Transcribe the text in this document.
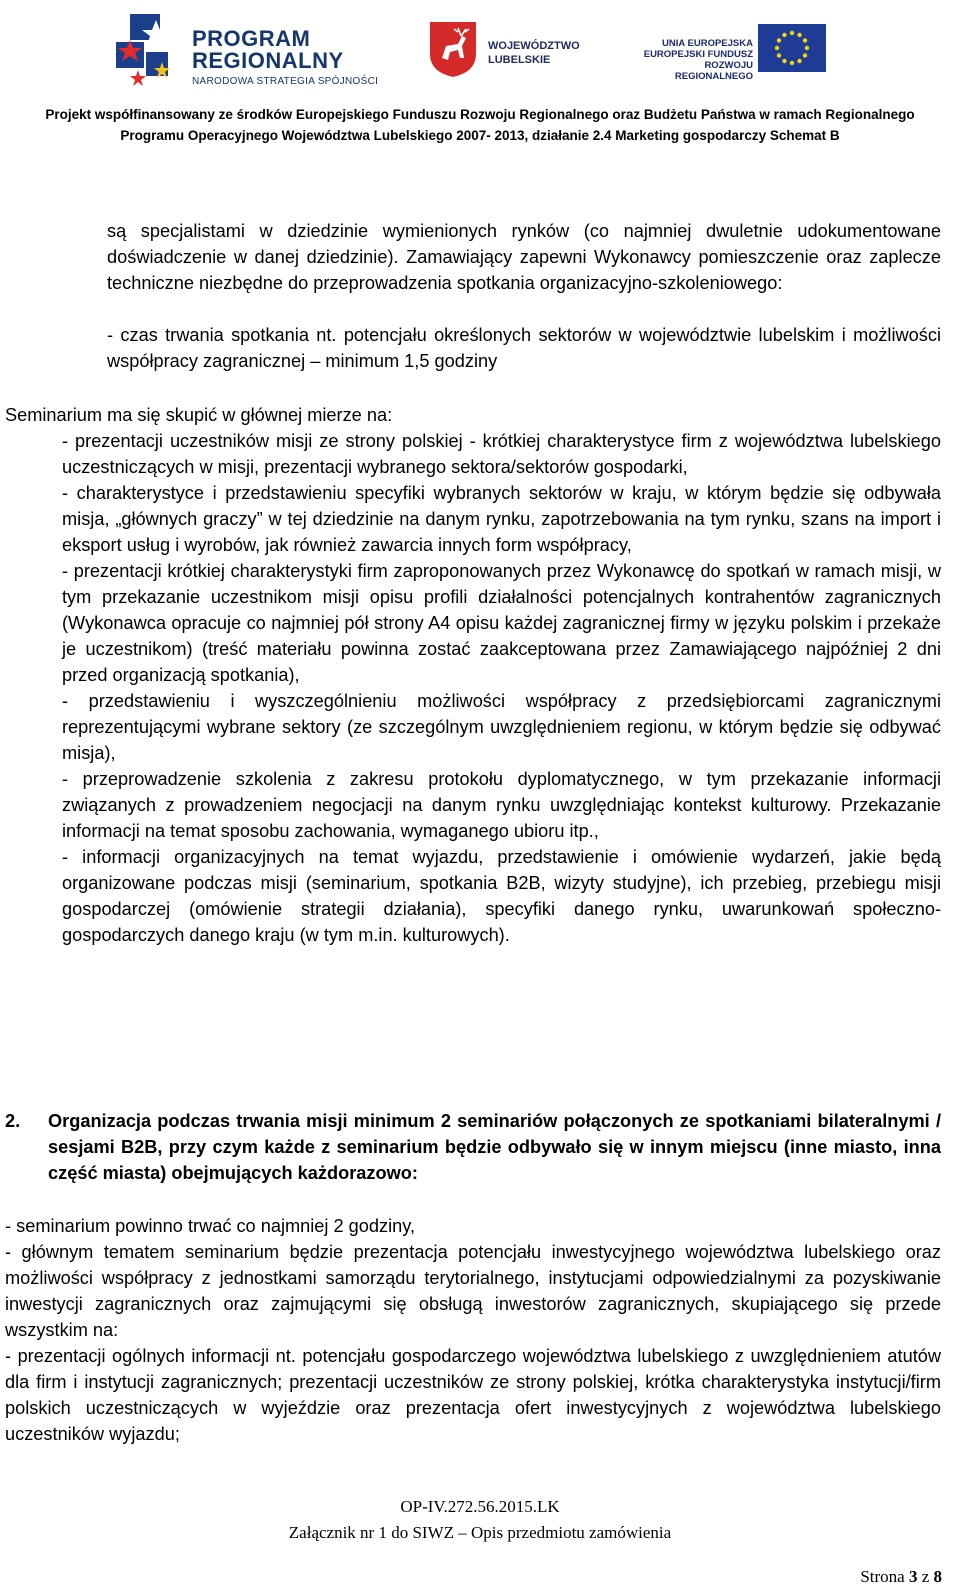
PROGRAM
REGIONALNY
NARODOWA STRATEGIA SPÓJNOŚCI
WOJEWÓDZTWO
LUBELSKIE
UNIA EUROPEJSKA
EUROPEJSKI FUNDUSZ
ROZWOJU REGIONALNEGO
Projekt współfinansowany ze środków Europejskiego Funduszu Rozwoju Regionalnego oraz Budżetu Państwa w ramach Regionalnego
Programu Operacyjnego Województwa Lubelskiego 2007- 2013, działanie 2.4 Marketing gospodarczy Schemat B
są specjalistami w dziedzinie wymienionych rynków (co najmniej dwuletnie udokumentowane doświadczenie w danej dziedzinie). Zamawiający zapewni Wykonawcy pomieszczenie oraz zaplecze techniczne niezbędne do przeprowadzenia spotkania organizacyjno-szkoleniowego:
- czas trwania spotkania nt. potencjału określonych sektorów w województwie lubelskim i możliwości współpracy zagranicznej – minimum 1,5 godziny
Seminarium ma się skupić w głównej mierze na:

- prezentacji uczestników misji ze strony polskiej - krótkiej charakterystyce firm z województwa lubelskiego uczestniczących w misji, prezentacji wybranego sektora/sektorów gospodarki,

- charakterystyce i przedstawieniu specyfiki wybranych sektorów w kraju, w którym będzie się odbywała misja, „głównych graczy” w tej dziedzinie na danym rynku, zapotrzebowania na tym rynku, szans na import i eksport usług i wyrobów, jak również zawarcia innych form współpracy,

- prezentacji krótkiej charakterystyki firm zaproponowanych przez Wykonawcę do spotkań w ramach misji, w tym przekazanie uczestnikom misji opisu profili działalności potencjalnych kontrahentów zagranicznych (Wykonawca opracuje co najmniej pół strony A4 opisu każdej zagranicznej firmy w języku polskim i przekaże je uczestnikom) (treść materiału powinna zostać zaakceptowana przez Zamawiającego najpóźniej 2 dni przed organizacją spotkania),

- przedstawieniu i wyszczególnieniu możliwości współpracy z przedsiębiorcami zagranicznymi reprezentującymi wybrane sektory (ze szczególnym uwzględnieniem regionu, w którym będzie się odbywać misja),

- przeprowadzenie szkolenia z zakresu protokołu dyplomatycznego, w tym przekazanie informacji związanych z prowadzeniem negocjacji na danym rynku uwzględniając kontekst kulturowy. Przekazanie informacji na temat sposobu zachowania, wymaganego ubioru itp.,

- informacji organizacyjnych na temat wyjazdu, przedstawienie i omówienie wydarzeń, jakie będą organizowane podczas misji (seminarium, spotkania B2B, wizyty studyjne), ich przebieg, przebiegu misji gospodarczej (omówienie strategii działania), specyfiki danego rynku, uwarunkowań społeczno- gospodarczych danego kraju (w tym m.in. kulturowych).

2. Organizacja podczas trwania misji minimum 2 seminariów połączonych ze spotkaniami bilateralnymi / sesjami B2B, przy czym każde z seminarium będzie odbywało się w innym miejscu (inne miasto, inna część miasta) obejmujących każdorazowo:

- seminarium powinno trwać co najmniej 2 godziny,

- głównym tematem seminarium będzie prezentacja potencjału inwestycyjnego województwa lubelskiego oraz możliwości współpracy z jednostkami samorządu terytorialnego, instytucjami odpowiedzialnymi za pozyskiwanie inwestycji zagranicznych oraz zajmującymi się obsługą inwestorów zagranicznych, skupiającego się przede wszystkim na:

- prezentacji ogólnych informacji nt. potencjału gospodarczego województwa lubelskiego z uwzględnieniem atutów dla firm i instytucji zagranicznych; prezentacji uczestników ze strony polskiej, krótka charakterystyka instytucji/firm polskich uczestniczących w wyjeździe oraz prezentacja ofert inwestycyjnych z województwa lubelskiego uczestników wyjazdu;

OP-IV.272.56.2015.LK
Załącznik nr 1 do SIWZ – Opis przedmiotu zamówienia
Strona 3 z 8
